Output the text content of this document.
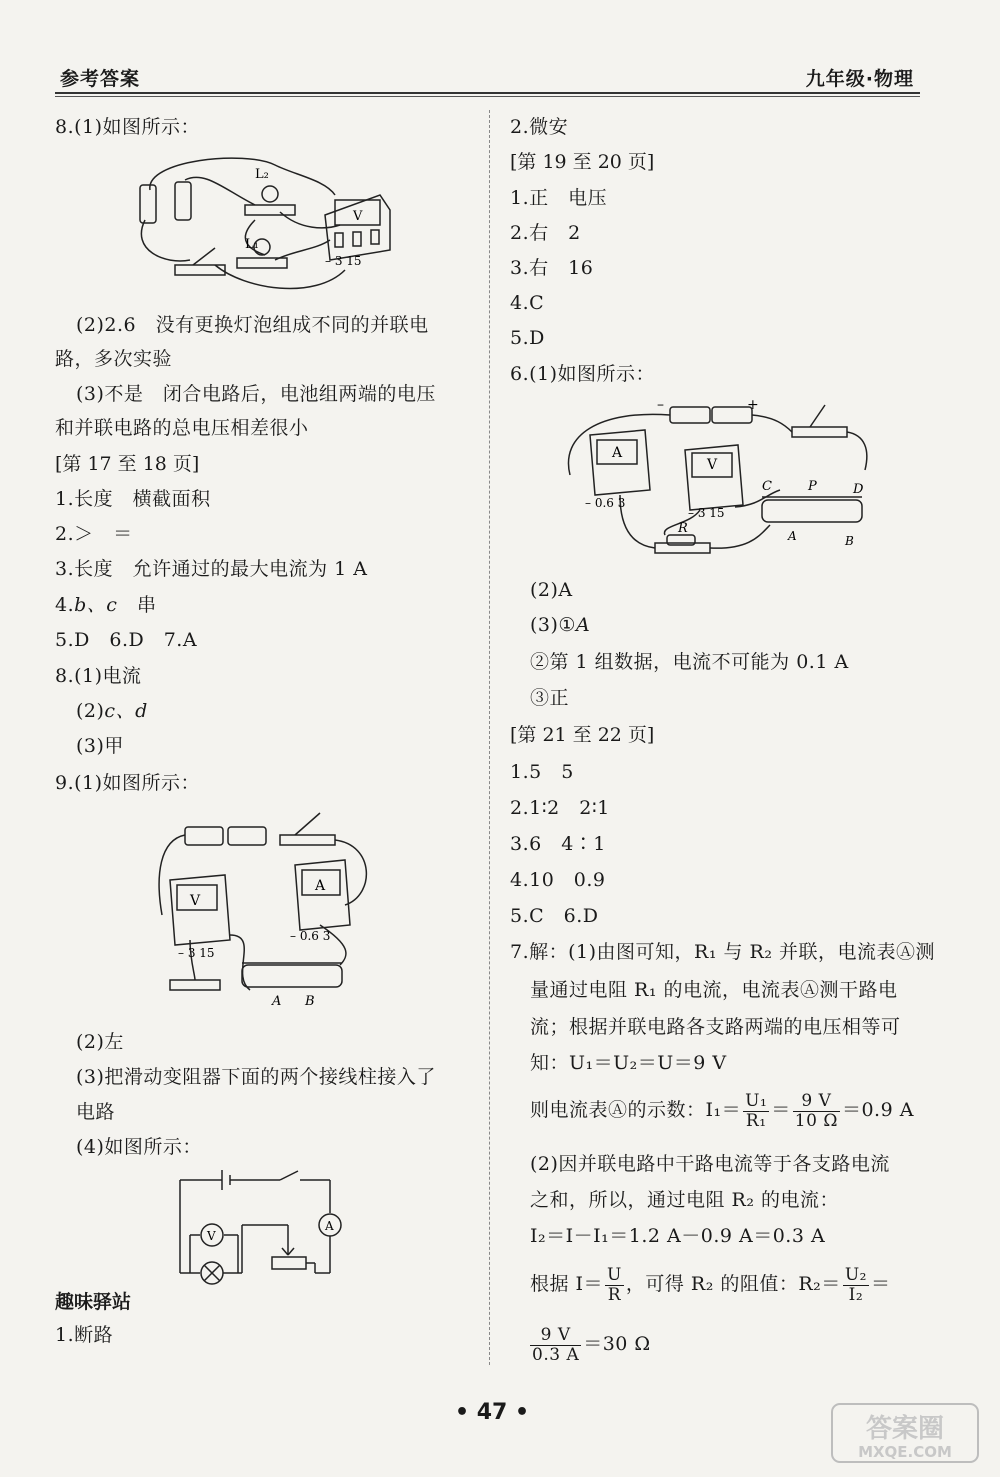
参考答案	九年级·物理
8.(1)如图所示：
L₂
L₁
V
– 3 15
(2)2.6　没有更换灯泡组成不同的并联电
路，多次实验
(3)不是　闭合电路后，电池组两端的电压
和并联电路的总电压相差很小
[第 17 至 18 页]
1.长度　横截面积
2.＞　＝
3.长度　允许通过的最大电流为 1 A
4.b、c　串
5.D　6.D　7.A
8.(1)电流
(2)c、d
(3)甲
9.(1)如图所示：
V
A
– 3 15
– 0.6 3
A B
(2)左
(3)把滑动变阻器下面的两个接线柱接入了
电路
(4)如图所示：
V
A
趣味驿站
1.断路
2.微安
[第 19 至 20 页]
1.正　电压
2.右　2
3.右　16
4.C
5.D
6.(1)如图所示：
–	+
A
V
– 0.6 3
– 3 15
R
C	P	D
A	B
(2)A
(3)①A
②第 1 组数据，电流不可能为 0.1 A
③正
[第 21 至 22 页]
1.5　5
2.1∶2　2∶1
3.6　4∶1
4.10　0.9
5.C　6.D
7.解：(1)由图可知，R₁ 与 R₂ 并联，电流表Ⓐ测
量通过电阻 R₁ 的电流，电流表Ⓐ测干路电
流；根据并联电路各支路两端的电压相等可
知：U₁＝U₂＝U＝9 V
则电流表Ⓐ的示数：$I_1= \frac{\text{U₁}}{\text{R₁}} = \frac{9 V}{10 \Omega} =0.9$ A
(2)因并联电路中干路电流等于各支路电流
之和，所以，通过电阻 R₂ 的电流：
I₂＝I－I₁＝1.2 A－0.9 A＝0.3 A
根据 $I= \frac{U}{R}$ ，可得 R₂ 的阻值：$R_2= \frac{\text{U₂}}{\text{I₂}}$ ＝
$\frac{9 V}{0.3 A} =30$ Ω
• 47 •
答案圈
MXQE.COM
